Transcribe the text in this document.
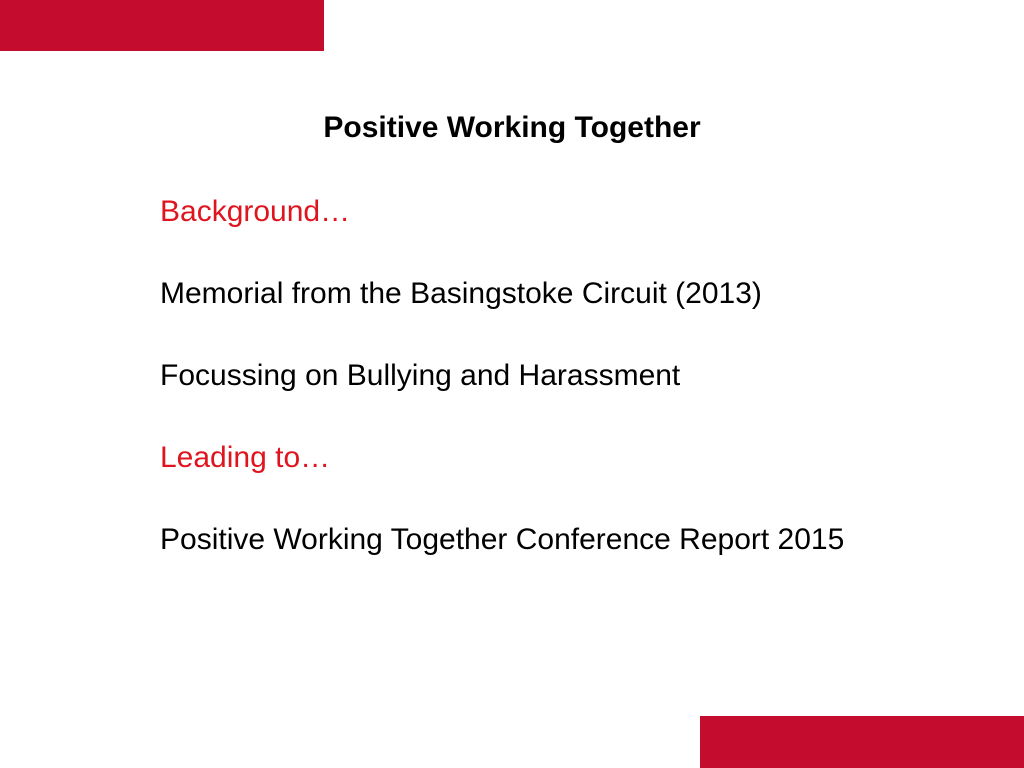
Positive Working Together

Background…

Memorial from the Basingstoke Circuit (2013)

Focussing on Bullying and Harassment

Leading to…

Positive Working Together Conference Report 2015
